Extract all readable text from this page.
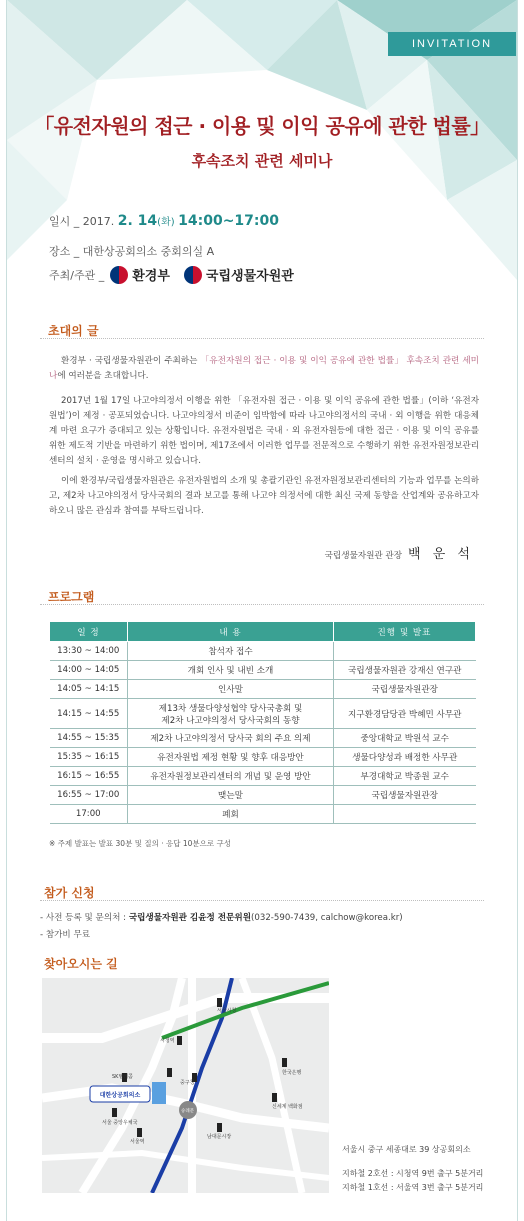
INVITATION
「유전자원의 접근 · 이용 및 이익 공유에 관한 법률」
후속조치 관련 세미나
일시 _ 2017. 2. 14(화) 14:00~17:00
장소 _ 대한상공회의소 중회의실 A
주최/주관 _ 환경부	국립생물자원관
초대의 글
환경부 · 국립생물자원관이 주최하는 「유전자원의 접근 · 이용 및 이익 공유에 관한 법률」 후속조치 관련 세미나에 여러분을 초대합니다.
2017년 1월 17일 나고야의정서 이행을 위한 「유전자원 접근 · 이용 및 이익 공유에 관한 법률」(이하 ‘유전자원법’)이 제정 · 공포되었습니다. 나고야의정서 비준이 임박함에 따라 나고야의정서의 국내 · 외 이행을 위한 대응체계 마련 요구가 증대되고 있는 상황입니다. 유전자원법은 국내 · 외 유전자원등에 대한 접근 · 이용 및 이익 공유를 위한 제도적 기반을 마련하기 위한 법이며, 제17조에서 이러한 업무를 전문적으로 수행하기 위한 유전자원정보관리센터의 설치 · 운영을 명시하고 있습니다.
이에 환경부/국립생물자원관은 유전자원법의 소개 및 총괄기관인 유전자원정보관리센터의 기능과 업무를 논의하고, 제2차 나고야의정서 당사국회의 결과 보고를 통해 나고야 의정서에 대한 최신 국제 동향을 산업계와 공유하고자 하오니 많은 관심과 참여를 부탁드립니다.
국립생물자원관 관장 백 운 석
프로그램
일 정	내 용	진행 및 발표
13:30 ~ 14:00	참석자 접수	
14:00 ~ 14:05	개회 인사 및 내빈 소개	국립생물자원관 강재신 연구관
14:05 ~ 14:15	인사말	국립생물자원관장
14:15 ~ 14:55	제13차 생물다양성협약 당사국총회 및
제2차 나고야의정서 당사국회의 동향	지구환경담당관 박혜민 사무관
14:55 ~ 15:35	제2차 나고야의정서 당사국 회의 주요 의제	중앙대학교 박원석 교수
15:35 ~ 16:15	유전자원법 제정 현황 및 향후 대응방안	생물다양성과 배정한 사무관
16:15 ~ 16:55	유전자원정보관리센터의 개념 및 운영 방안	부경대학교 박종원 교수
16:55 ~ 17:00	맺는말	국립생물자원관장
17:00	폐회	
※ 주제 발표는 발표 30분 및 질의 · 응답 10분으로 구성
참가 신청
- 사전 등록 및 문의처 : 국립생물자원관 김윤정 전문위원(032-590-7439, calchow@korea.kr)
- 참가비 무료
찾아오시는 길
대한상공회의소
서울시청
시청역
한국은행
신세계 백화점
숭례문
남대문시장
서울역
서울 중앙우체국
중구청
SK텔레콤
서울시 중구 세종대로 39 상공회의소
지하철 2호선 : 시청역 9번 출구 5분거리
지하철 1호선 : 서울역 3번 출구 5분거리
